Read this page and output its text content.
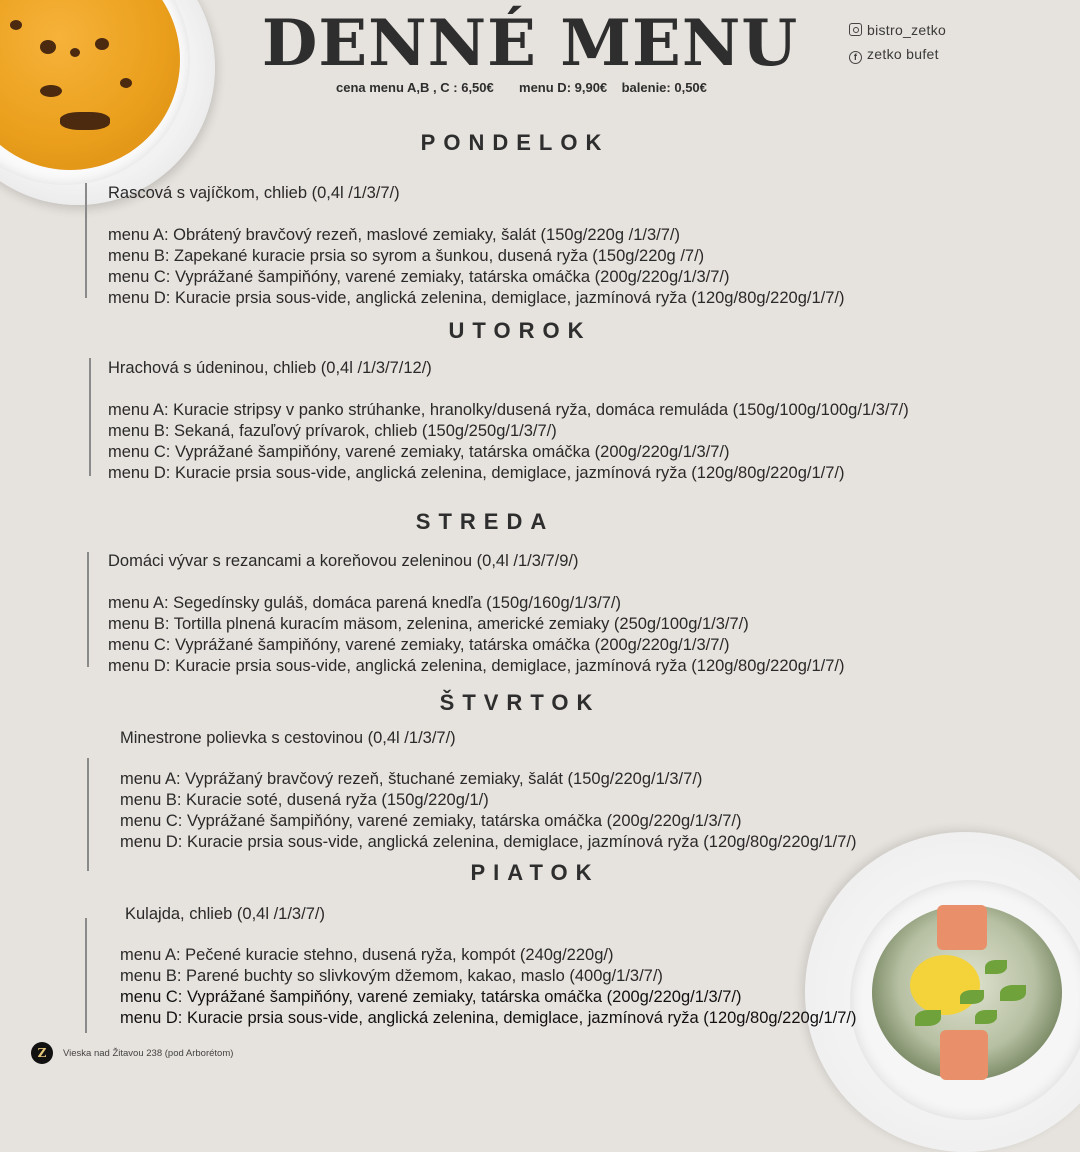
DENNÉ MENU
cena menu A,B , C : 6,50€       menu D: 9,90€    balenie: 0,50€
bistro_zetko
f zetko bufet
PONDELOK
Rascová s vajíčkom, chlieb (0,4l /1/3/7/)
menu A: Obrátený bravčový rezeň, maslové zemiaky, šalát (150g/220g /1/3/7/)
menu B: Zapekané kuracie prsia so syrom a šunkou, dusená ryža (150g/220g /7/)
menu C: Vyprážané šampiňóny, varené zemiaky, tatárska omáčka (200g/220g/1/3/7/)
menu D: Kuracie prsia sous-vide, anglická zelenina, demiglace, jazmínová ryža (120g/80g/220g/1/7/)
UTOROK
Hrachová s údeninou, chlieb (0,4l /1/3/7/12/)
menu A: Kuracie stripsy v panko strúhanke, hranolky/dusená ryža, domáca remuláda (150g/100g/100g/1/3/7/)
menu B: Sekaná, fazuľový prívarok, chlieb (150g/250g/1/3/7/)
menu C: Vyprážané šampiňóny, varené zemiaky, tatárska omáčka (200g/220g/1/3/7/)
menu D: Kuracie prsia sous-vide, anglická zelenina, demiglace, jazmínová ryža (120g/80g/220g/1/7/)
STREDA
Domáci vývar s rezancami a koreňovou zeleninou (0,4l /1/3/7/9/)
menu A: Segedínsky guláš, domáca parená knedľa (150g/160g/1/3/7/)
menu B: Tortilla plnená kuracím mäsom, zelenina, americké zemiaky (250g/100g/1/3/7/)
menu C: Vyprážané šampiňóny, varené zemiaky, tatárska omáčka (200g/220g/1/3/7/)
menu D: Kuracie prsia sous-vide, anglická zelenina, demiglace, jazmínová ryža (120g/80g/220g/1/7/)
ŠTVRTOK
Minestrone polievka s cestovinou (0,4l /1/3/7/)
menu A: Vyprážaný bravčový rezeň, štuchané zemiaky, šalát (150g/220g/1/3/7/)
menu B: Kuracie soté, dusená ryža (150g/220g/1/)
menu C: Vyprážané šampiňóny, varené zemiaky, tatárska omáčka (200g/220g/1/3/7/)
menu D: Kuracie prsia sous-vide, anglická zelenina, demiglace, jazmínová ryža (120g/80g/220g/1/7/)
PIATOK
Kulajda, chlieb (0,4l /1/3/7/)
menu A: Pečené kuracie stehno, dusená ryža, kompót (240g/220g/)
menu B: Parené buchty so slivkovým džemom, kakao, maslo (400g/1/3/7/)
menu C: Vyprážané šampiňóny, varené zemiaky, tatárska omáčka (200g/220g/1/3/7/)
menu D: Kuracie prsia sous-vide, anglická zelenina, demiglace, jazmínová ryža (120g/80g/220g/1/7/)
Z	Vieska nad Žitavou 238 (pod Arborétom)
